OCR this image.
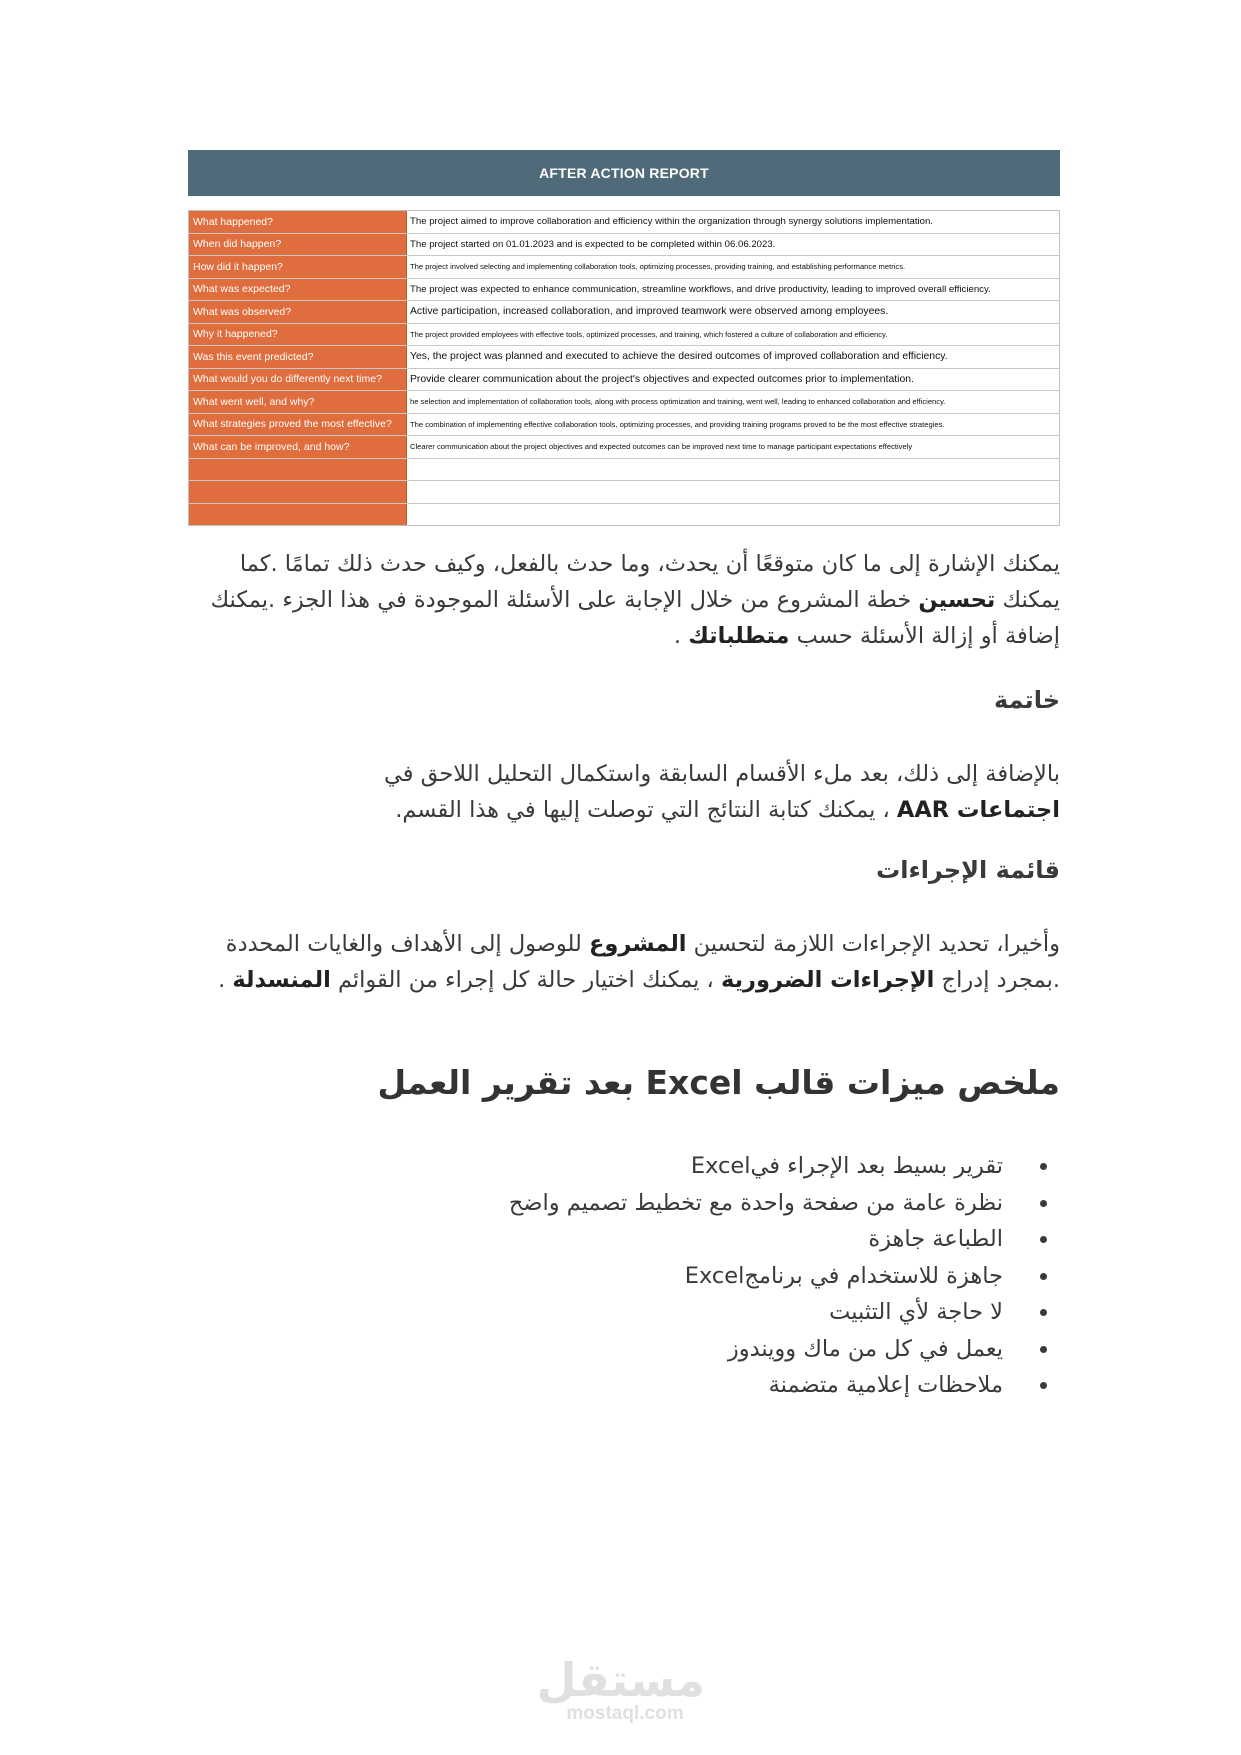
AFTER ACTION REPORT
What happened?	The project aimed to improve collaboration and efficiency within the organization through synergy solutions implementation.
When did happen?	The project started on 01.01.2023 and is expected to be completed within 06.06.2023.
How did it happen?	The project involved selecting and implementing collaboration tools, optimizing processes, providing training, and establishing performance metrics.
What was expected?	The project was expected to enhance communication, streamline workflows, and drive productivity, leading to improved overall efficiency.
What was observed?	Active participation, increased collaboration, and improved teamwork were observed among employees.
Why it happened?	The project provided employees with effective tools, optimized processes, and training, which fostered a culture of collaboration and efficiency.
Was this event predicted?	Yes, the project was planned and executed to achieve the desired outcomes of improved collaboration and efficiency.
What would you do differently next time?	Provide clearer communication about the project's objectives and expected outcomes prior to implementation.
What went well, and why?	he selection and implementation of collaboration tools, along with process optimization and training, went well, leading to enhanced collaboration and efficiency.
What strategies proved the most effective?	The combination of implementing effective collaboration tools, optimizing processes, and providing training programs proved to be the most effective strategies.
What can be improved, and how?	Clearer communication about the project objectives and expected outcomes can be improved next time to manage participant expectations effectively
يمكنك الإشارة إلى ما كان متوقعًا أن يحدث، وما حدث بالفعل، وكيف حدث ذلك تمامًا .كما يمكنك تحسين خطة المشروع من خلال الإجابة على الأسئلة الموجودة في هذا الجزء .يمكنك إضافة أو إزالة الأسئلة حسب متطلباتك .
خاتمة
بالإضافة إلى ذلك، بعد ملء الأقسام السابقة واستكمال التحليل اللاحق في اجتماعات AAR ، يمكنك كتابة النتائج التي توصلت إليها في هذا القسم.
قائمة الإجراءات
وأخيرا، تحديد الإجراءات اللازمة لتحسين المشروع للوصول إلى الأهداف والغايات المحددة .بمجرد إدراج الإجراءات الضرورية ، يمكنك اختيار حالة كل إجراء من القوائم المنسدلة .
ملخص ميزات قالب Excel بعد تقرير العمل
تقرير بسيط بعد الإجراء فيExcel
نظرة عامة من صفحة واحدة مع تخطيط تصميم واضح
الطباعة جاهزة
جاهزة للاستخدام في برنامجExcel
لا حاجة لأي التثبيت
يعمل في كل من ماك وويندوز
ملاحظات إعلامية متضمنة
مستقل
mostaql.com
